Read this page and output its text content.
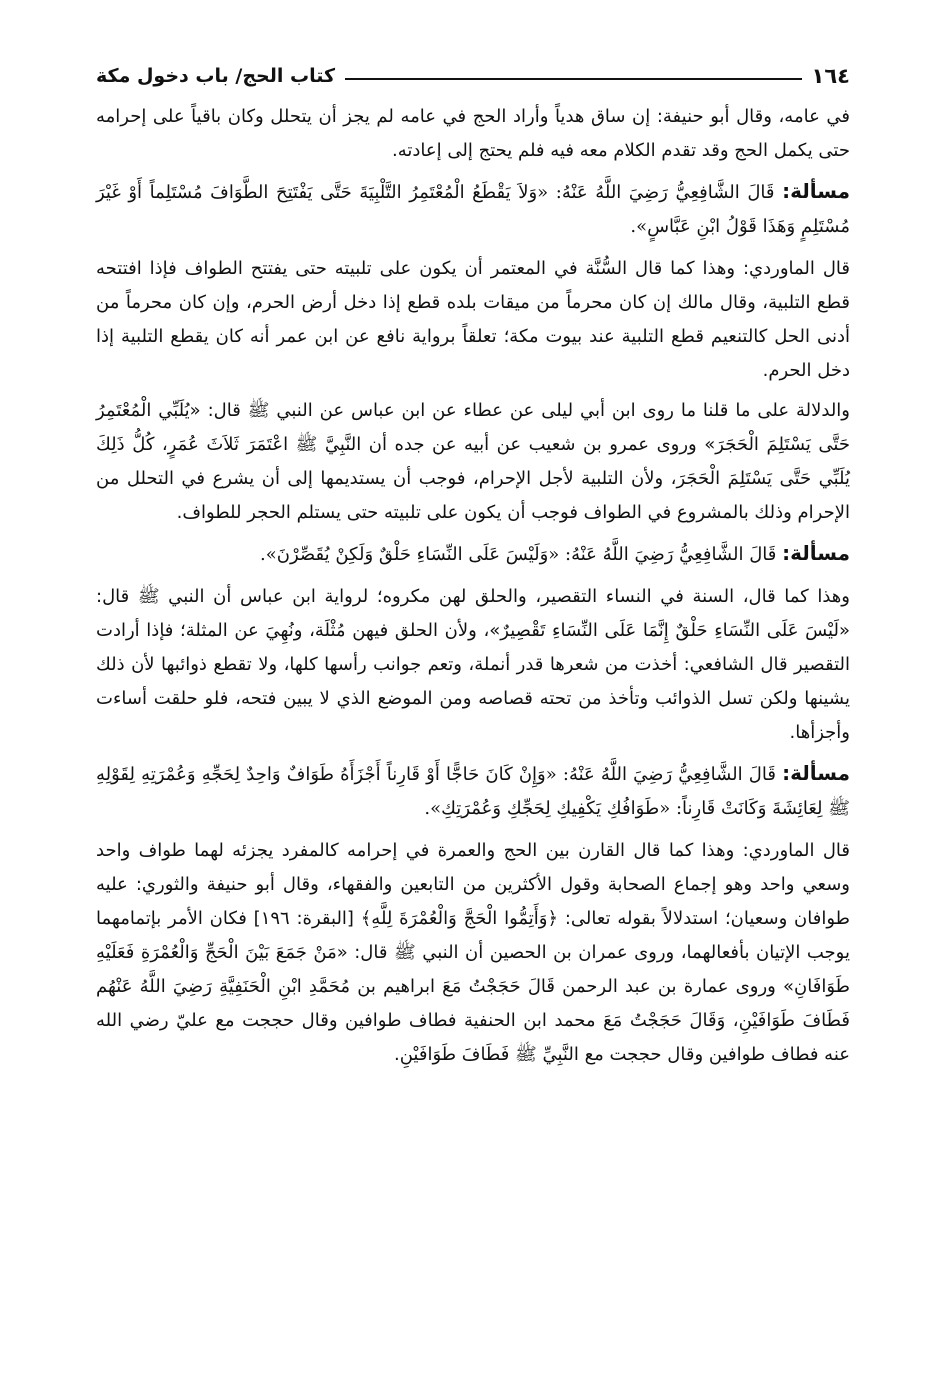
١٦٤
كتاب الحج/ باب دخول مكة

في عامه، وقال أبو حنيفة: إن ساق هدياً وأراد الحج في عامه لم يجز أن يتحلل وكان باقياً على إحرامه حتى يكمل الحج وقد تقدم الكلام معه فيه فلم يحتج إلى إعادته.

مسألة: قَالَ الشَّافِعِيُّ رَضِيَ اللَّهُ عَنْهُ: «وَلاَ يَقْطَعُ الْمُعْتَمِرُ التَّلْبِيَةَ حَتَّى يَفْتَتِحَ الطَّوَافَ مُسْتَلِماً أَوْ غَيْرَ مُسْتَلِمٍ وَهَذَا قَوْلُ ابْنِ عَبَّاسٍ».

قال الماوردي: وهذا كما قال السُّنَّة في المعتمر أن يكون على تلبيته حتى يفتتح الطواف فإذا افتتحه قطع التلبية، وقال مالك إن كان محرماً من ميقات بلده قطع إذا دخل أرض الحرم، وإن كان محرماً من أدنى الحل كالتنعيم قطع التلبية عند بيوت مكة؛ تعلقاً برواية نافع عن ابن عمر أنه كان يقطع التلبية إذا دخل الحرم.

والدلالة على ما قلنا ما روى ابن أبي ليلى عن عطاء عن ابن عباس عن النبي ﷺ قال: «يُلَبِّي الْمُعْتَمِرُ حَتَّى يَسْتَلِمَ الْحَجَرَ» وروى عمرو بن شعيب عن أبيه عن جده أن النَّبِيَّ ﷺ اعْتَمَرَ ثَلاَثَ عُمَرٍ، كُلُّ ذَلِكَ يُلَبِّي حَتَّى يَسْتَلِمَ الْحَجَرَ، ولأن التلبية لأجل الإحرام، فوجب أن يستديمها إلى أن يشرع في التحلل من الإحرام وذلك بالمشروع في الطواف فوجب أن يكون على تلبيته حتى يستلم الحجر للطواف.

مسألة: قَالَ الشَّافِعِيُّ رَضِيَ اللَّهُ عَنْهُ: «وَلَيْسَ عَلَى النِّسَاءِ حَلْقٌ وَلَكِنْ يُقَصِّرْنَ».

وهذا كما قال، السنة في النساء التقصير، والحلق لهن مكروه؛ لرواية ابن عباس أن النبي ﷺ قال: «لَيْسَ عَلَى النِّسَاءِ حَلْقٌ إِنَّمَا عَلَى النِّسَاءِ تَقْصِيرٌ»، ولأن الحلق فيهن مُثْلَة، ونُهِيَ عن المثلة؛ فإذا أرادت التقصير قال الشافعي: أخذت من شعرها قدر أنملة، وتعم جوانب رأسها كلها، ولا تقطع ذوائبها لأن ذلك يشينها ولكن تسل الذوائب وتأخذ من تحته قصاصه ومن الموضع الذي لا يبين فتحه، فلو حلقت أساءت وأجزأها.

مسألة: قَالَ الشَّافِعِيُّ رَضِيَ اللَّهُ عَنْهُ: «وَإِنْ كَانَ حَاجًّا أَوْ قَارِناً أَجْزَأَهُ طَوَافٌ وَاحِدٌ لِحَجِّهِ وَعُمْرَتِهِ لِقَوْلِهِ ﷺ لِعَائِشَةَ وَكَانَتْ قَارِناً: «طَوَافُكِ يَكْفِيكِ لِحَجِّكِ وَعُمْرَتِكِ».

قال الماوردي: وهذا كما قال القارن بين الحج والعمرة في إحرامه كالمفرد يجزئه لهما طواف واحد وسعي واحد وهو إجماع الصحابة وقول الأكثرين من التابعين والفقهاء، وقال أبو حنيفة والثوري: عليه طوافان وسعيان؛ استدلالاً بقوله تعالى: ﴿وَأَتِمُّوا الْحَجَّ وَالْعُمْرَةَ لِلَّهِ﴾ [البقرة: ١٩٦] فكان الأمر بإتمامهما يوجب الإتيان بأفعالهما، وروى عمران بن الحصين أن النبي ﷺ قال: «مَنْ جَمَعَ بَيْنَ الْحَجِّ وَالْعُمْرَةِ فَعَلَيْهِ طَوَافَانِ» وروى عمارة بن عبد الرحمن قَالَ حَجَجْتُ مَعَ ابراهيم بن مُحَمَّدِ ابْنِ الْحَنَفِيَّةِ رَضِيَ اللَّهُ عَنْهُم فَطَافَ طَوَافَيْنِ، وَقَالَ حَجَجْتُ مَعَ محمد ابن الحنفية فطاف طوافين وقال حججت مع عليّ رضي الله عنه فطاف طوافين وقال حججت مع النَّبِيِّ ﷺ فَطَافَ طَوَافَيْنِ.
